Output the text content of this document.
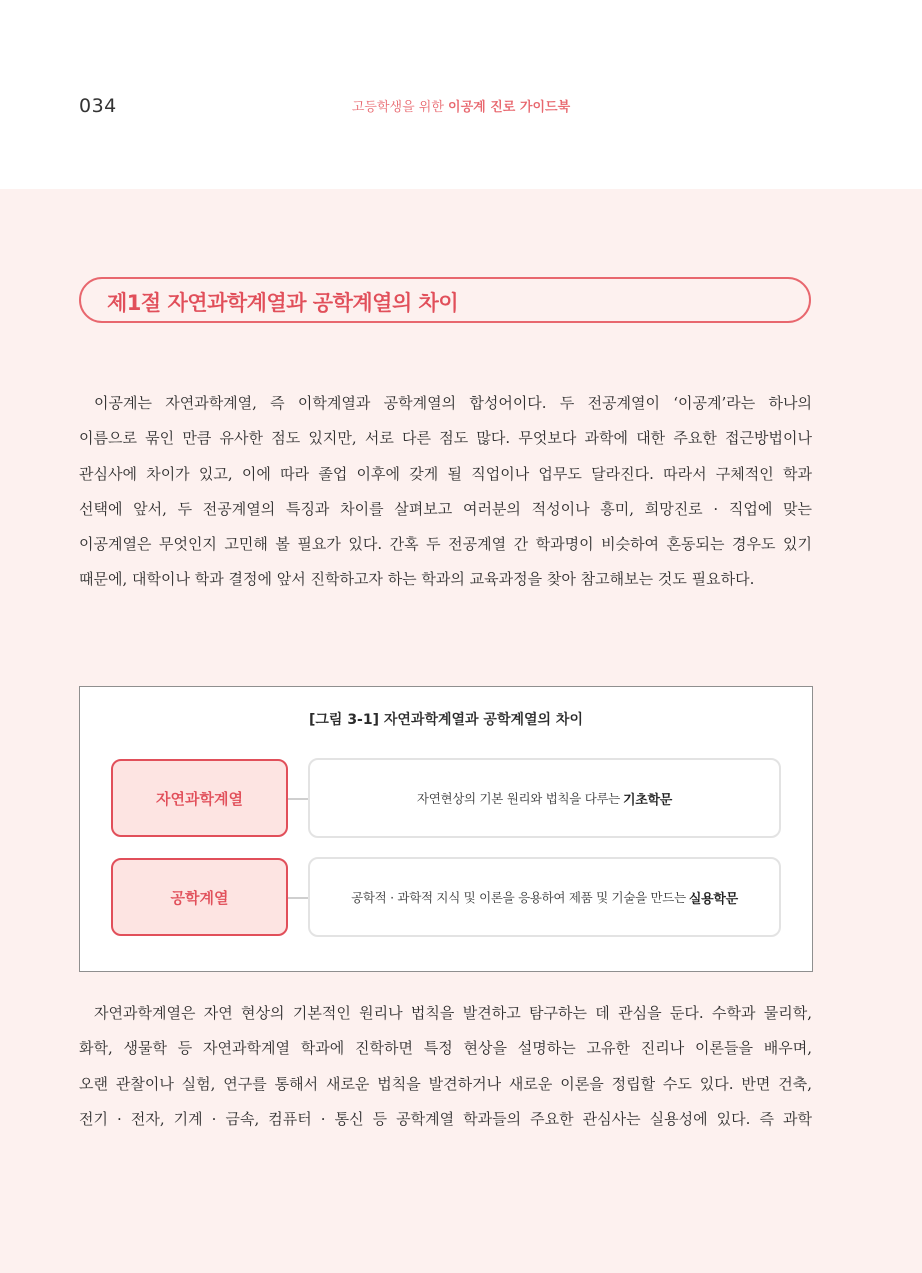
034	고등학생을 위한 이공계 진로 가이드북
제1절 자연과학계열과 공학계열의 차이

이공계는 자연과학계열, 즉 이학계열과 공학계열의 합성어이다. 두 전공계열이 ‘이공계’라는 하나의
이름으로 묶인 만큼 유사한 점도 있지만, 서로 다른 점도 많다. 무엇보다 과학에 대한 주요한 접근방법이나
관심사에 차이가 있고, 이에 따라 졸업 이후에 갖게 될 직업이나 업무도 달라진다. 따라서 구체적인 학과
선택에 앞서, 두 전공계열의 특징과 차이를 살펴보고 여러분의 적성이나 흥미, 희망진로 · 직업에 맞는
이공계열은 무엇인지 고민해 볼 필요가 있다. 간혹 두 전공계열 간 학과명이 비슷하여 혼동되는 경우도 있기
때문에, 대학이나 학과 결정에 앞서 진학하고자 하는 학과의 교육과정을 찾아 참고해보는 것도 필요하다.

[그림 3-1] 자연과학계열과 공학계열의 차이
자연과학계열	자연현상의 기본 원리와 법칙을 다루는 기초학문
공학계열	공학적 · 과학적 지식 및 이론을 응용하여 제품 및 기술을 만드는 실용학문

자연과학계열은 자연 현상의 기본적인 원리나 법칙을 발견하고 탐구하는 데 관심을 둔다. 수학과 물리학,
화학, 생물학 등 자연과학계열 학과에 진학하면 특정 현상을 설명하는 고유한 진리나 이론들을 배우며,
오랜 관찰이나 실험, 연구를 통해서 새로운 법칙을 발견하거나 새로운 이론을 정립할 수도 있다. 반면 건축,
전기 · 전자, 기계 · 금속, 컴퓨터 · 통신 등 공학계열 학과들의 주요한 관심사는 실용성에 있다. 즉 과학
